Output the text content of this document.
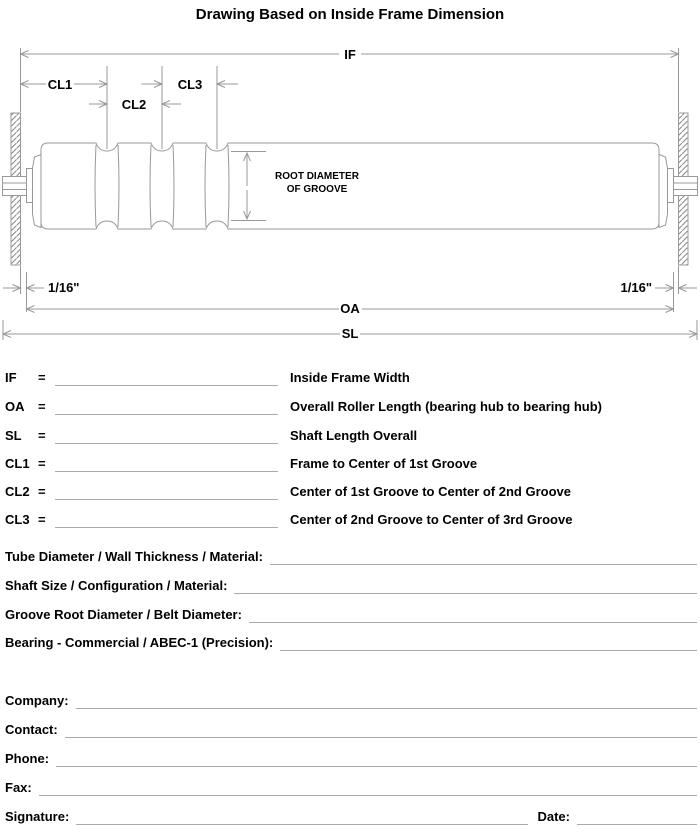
Drawing Based on Inside Frame Dimension
IF
CL1
CL2
CL3
ROOT DIAMETER
OF GROOVE
1/16"	1/16"
OA
SL
IF =	Inside Frame Width
OA =	Overall Roller Length (bearing hub to bearing hub)
SL =	Shaft Length Overall
CL1 =	Frame to Center of 1st Groove
CL2 =	Center of 1st Groove to Center of 2nd Groove
CL3 =	Center of 2nd Groove to Center of 3rd Groove
Tube Diameter / Wall Thickness / Material:
Shaft Size / Configuration / Material:
Groove Root Diameter / Belt Diameter:
Bearing - Commercial / ABEC-1 (Precision):
Company:
Contact:
Phone:
Fax:
Signature:	Date:
